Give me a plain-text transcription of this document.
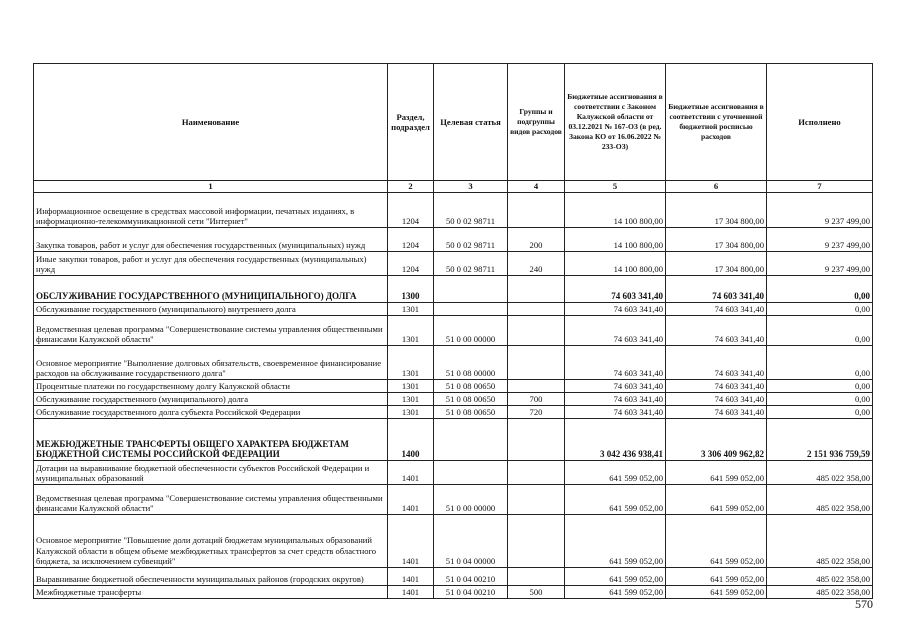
Наименование	Раздел, подраздел	Целевая статья	Группы и подгруппы видов расходов	Бюджетные ассигнования в соответствии с Законом Калужской области от 03.12.2021 № 167-ОЗ (в ред. Закона КО от 16.06.2022 № 233-ОЗ)	Бюджетные ассигнования в соответствии с уточненной бюджетной росписью расходов	Исполнено
1	2	3	4	5	6	7
Информационное освещение в средствах массовой информации, печатных изданиях, в информационно-телекоммуникационной сети "Интернет"	1204	50 0 02 98711		14 100 800,00	17 304 800,00	9 237 499,00
Закупка товаров, работ и услуг для обеспечения государственных (муниципальных) нужд	1204	50 0 02 98711	200	14 100 800,00	17 304 800,00	9 237 499,00
Иные закупки товаров, работ и услуг для обеспечения государственных (муниципальных) нужд	1204	50 0 02 98711	240	14 100 800,00	17 304 800,00	9 237 499,00
ОБСЛУЖИВАНИЕ ГОСУДАРСТВЕННОГО (МУНИЦИПАЛЬНОГО) ДОЛГА	1300			74 603 341,40	74 603 341,40	0,00
Обслуживание государственного (муниципального) внутреннего долга	1301			74 603 341,40	74 603 341,40	0,00
Ведомственная целевая программа "Совершенствование системы управления общественными финансами Калужской области"	1301	51 0 00 00000		74 603 341,40	74 603 341,40	0,00
Основное мероприятие "Выполнение долговых обязательств, своевременное финансирование расходов на обслуживание государственного долга"	1301	51 0 08 00000		74 603 341,40	74 603 341,40	0,00
Процентные платежи по государственному долгу Калужской области	1301	51 0 08 00650		74 603 341,40	74 603 341,40	0,00
Обслуживание государственного (муниципального) долга	1301	51 0 08 00650	700	74 603 341,40	74 603 341,40	0,00
Обслуживание государственного долга субъекта Российской Федерации	1301	51 0 08 00650	720	74 603 341,40	74 603 341,40	0,00
МЕЖБЮДЖЕТНЫЕ ТРАНСФЕРТЫ ОБЩЕГО ХАРАКТЕРА БЮДЖЕТАМ БЮДЖЕТНОЙ СИСТЕМЫ РОССИЙСКОЙ ФЕДЕРАЦИИ	1400			3 042 436 938,41	3 306 409 962,82	2 151 936 759,59
Дотации на выравнивание бюджетной обеспеченности субъектов Российской Федерации и муниципальных образований	1401			641 599 052,00	641 599 052,00	485 022 358,00
Ведомственная целевая программа "Совершенствование системы управления общественными финансами Калужской области"	1401	51 0 00 00000		641 599 052,00	641 599 052,00	485 022 358,00
Основное мероприятие "Повышение доли дотаций бюджетам муниципальных образований Калужской области в общем объеме межбюджетных трансфертов за счет средств областного бюджета, за исключением субвенций"	1401	51 0 04 00000		641 599 052,00	641 599 052,00	485 022 358,00
Выравнивание бюджетной обеспеченности муниципальных районов (городских округов)	1401	51 0 04 00210		641 599 052,00	641 599 052,00	485 022 358,00
Межбюджетные трансферты	1401	51 0 04 00210	500	641 599 052,00	641 599 052,00	485 022 358,00
570
